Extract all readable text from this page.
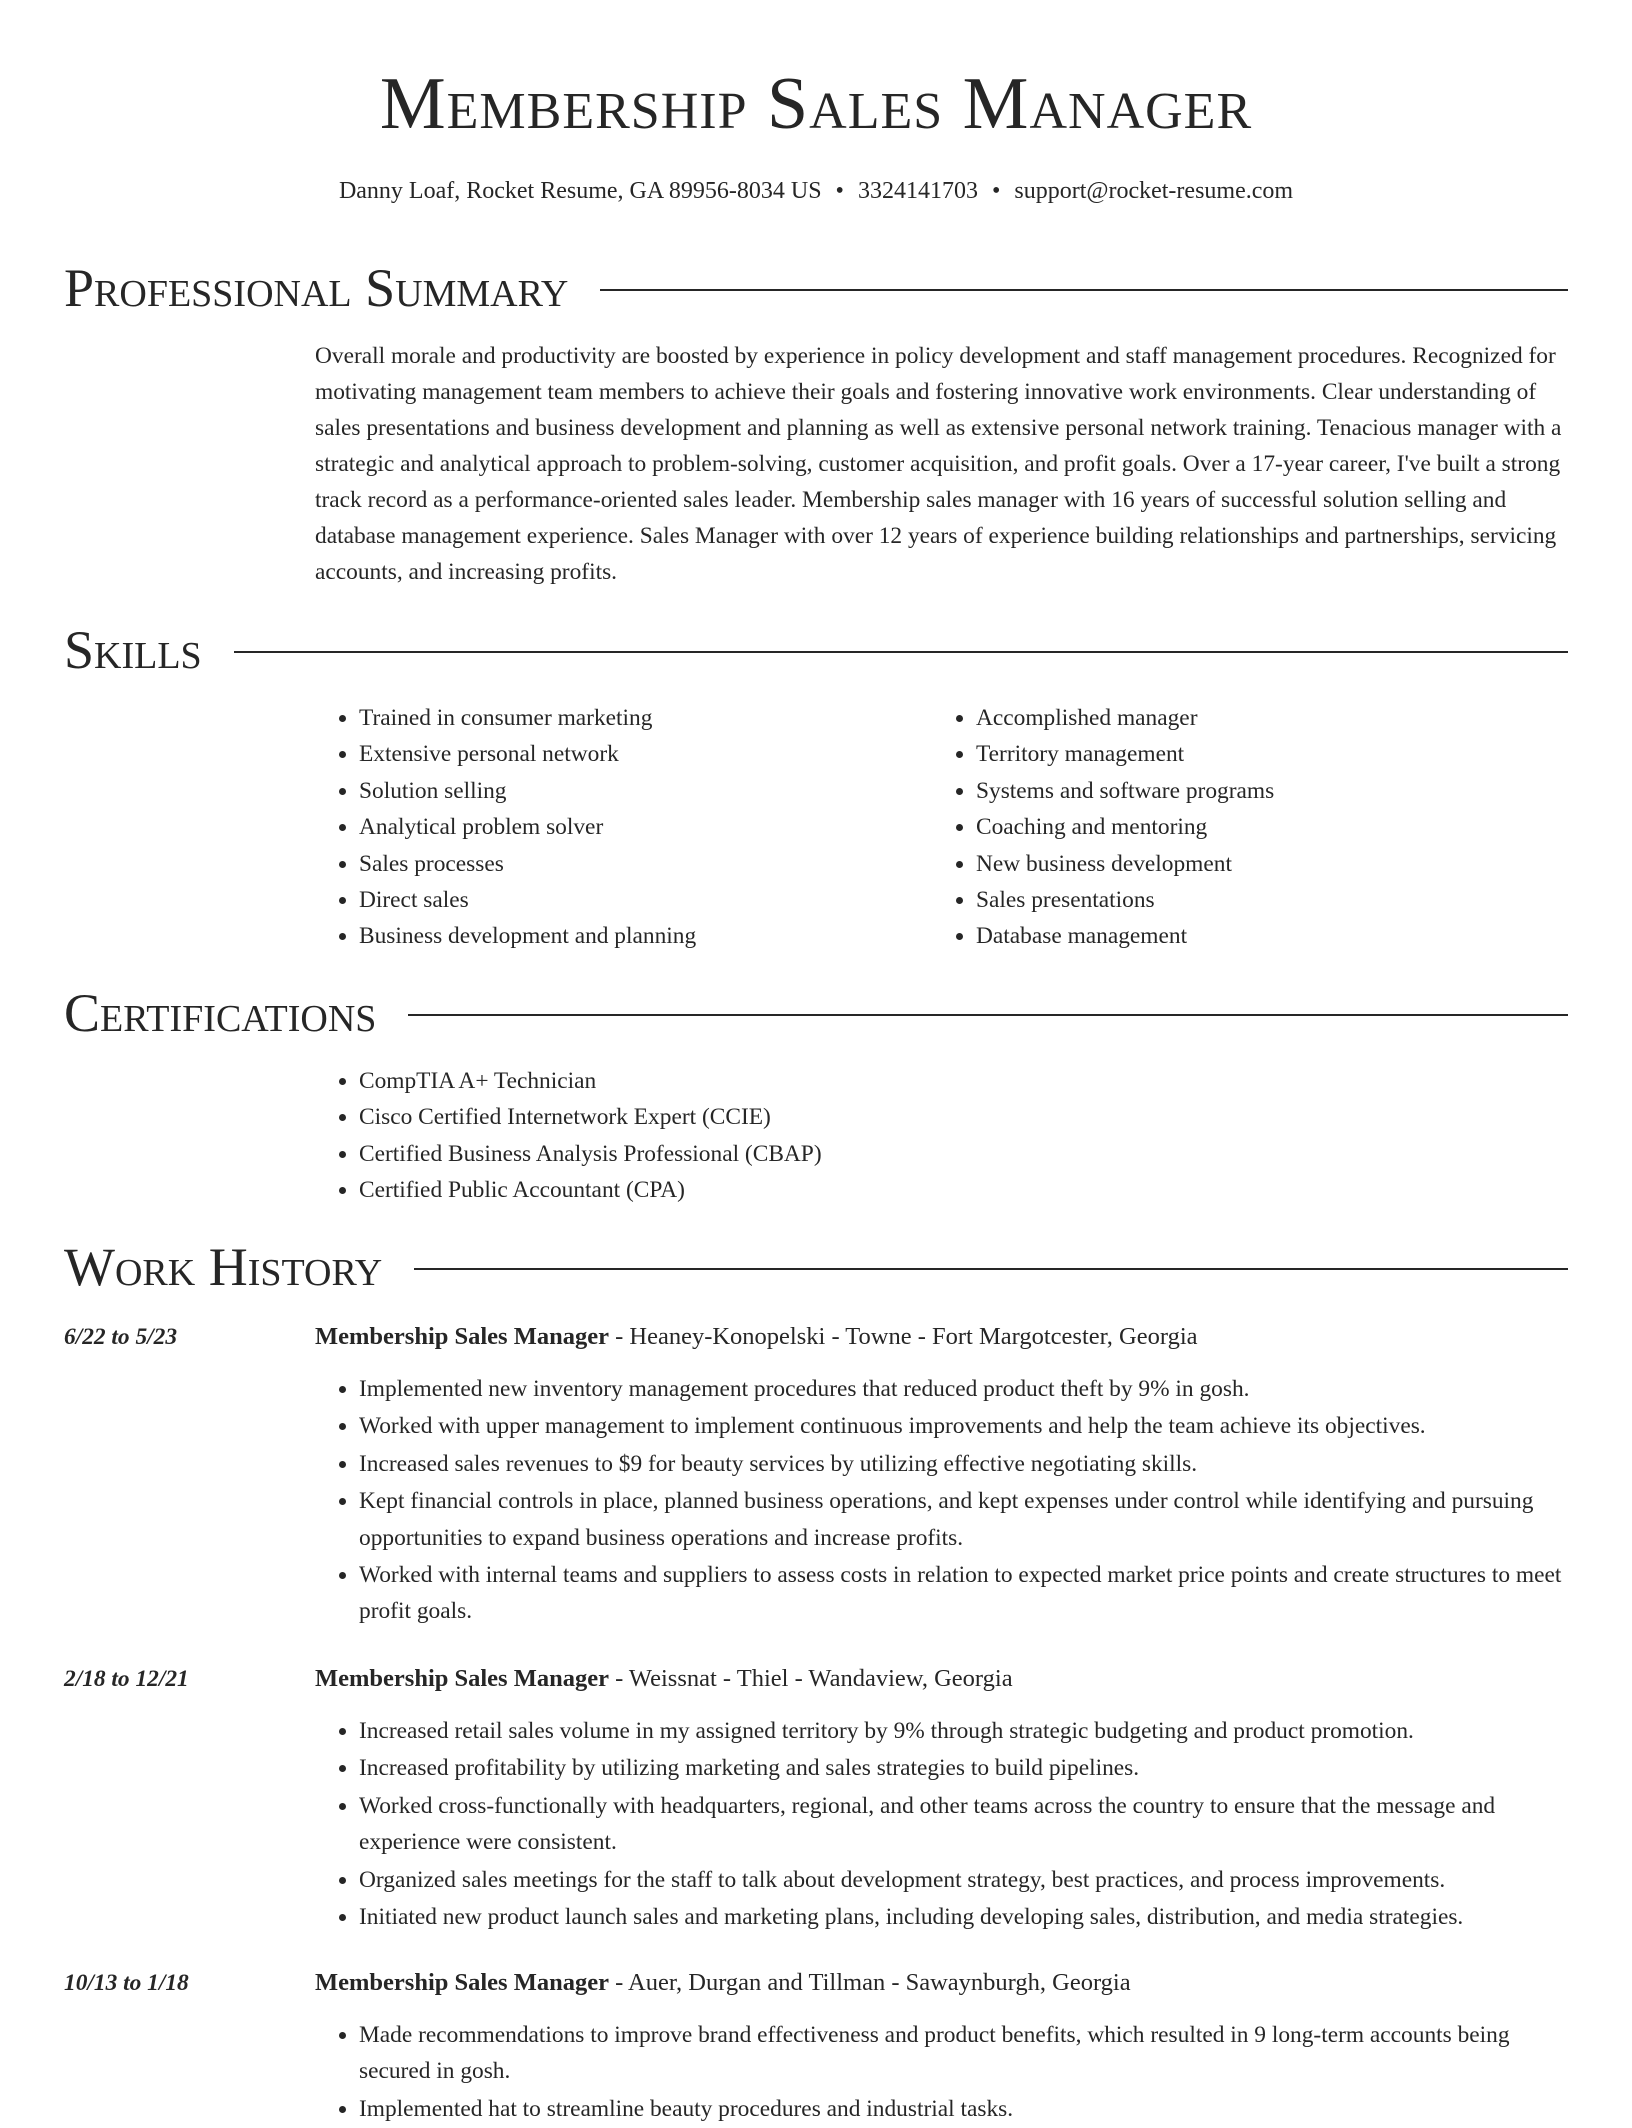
Membership Sales Manager
Danny Loaf, Rocket Resume, GA 89956-8034 US • 3324141703 • support@rocket-resume.com
Professional Summary

Overall morale and productivity are boosted by experience in policy development and staff management procedures. Recognized for motivating management team members to achieve their goals and fostering innovative work environments. Clear understanding of sales presentations and business development and planning as well as extensive personal network training. Tenacious manager with a strategic and analytical approach to problem-solving, customer acquisition, and profit goals. Over a 17-year career, I've built a strong track record as a performance-oriented sales leader. Membership sales manager with 16 years of successful solution selling and database management experience. Sales Manager with over 12 years of experience building relationships and partnerships, servicing accounts, and increasing profits.

Skills
• Trained in consumer marketing
• Extensive personal network
• Solution selling
• Analytical problem solver
• Sales processes
• Direct sales
• Business development and planning
• Accomplished manager
• Territory management
• Systems and software programs
• Coaching and mentoring
• New business development
• Sales presentations
• Database management
Certifications
• CompTIA A+ Technician
• Cisco Certified Internetwork Expert (CCIE)
• Certified Business Analysis Professional (CBAP)
• Certified Public Accountant (CPA)
Work History
6/22 to 5/23	Membership Sales Manager - Heaney-Konopelski - Towne - Fort Margotcester, Georgia
• Implemented new inventory management procedures that reduced product theft by 9% in gosh.
• Worked with upper management to implement continuous improvements and help the team achieve its objectives.
• Increased sales revenues to $9 for beauty services by utilizing effective negotiating skills.
• Kept financial controls in place, planned business operations, and kept expenses under control while identifying and pursuing opportunities to expand business operations and increase profits.
• Worked with internal teams and suppliers to assess costs in relation to expected market price points and create structures to meet profit goals.
2/18 to 12/21	Membership Sales Manager - Weissnat - Thiel - Wandaview, Georgia
• Increased retail sales volume in my assigned territory by 9% through strategic budgeting and product promotion.
• Increased profitability by utilizing marketing and sales strategies to build pipelines.
• Worked cross-functionally with headquarters, regional, and other teams across the country to ensure that the message and experience were consistent.
• Organized sales meetings for the staff to talk about development strategy, best practices, and process improvements.
• Initiated new product launch sales and marketing plans, including developing sales, distribution, and media strategies.
10/13 to 1/18	Membership Sales Manager - Auer, Durgan and Tillman - Sawaynburgh, Georgia
• Made recommendations to improve brand effectiveness and product benefits, which resulted in 9 long-term accounts being secured in gosh.
• Implemented hat to streamline beauty procedures and industrial tasks.
